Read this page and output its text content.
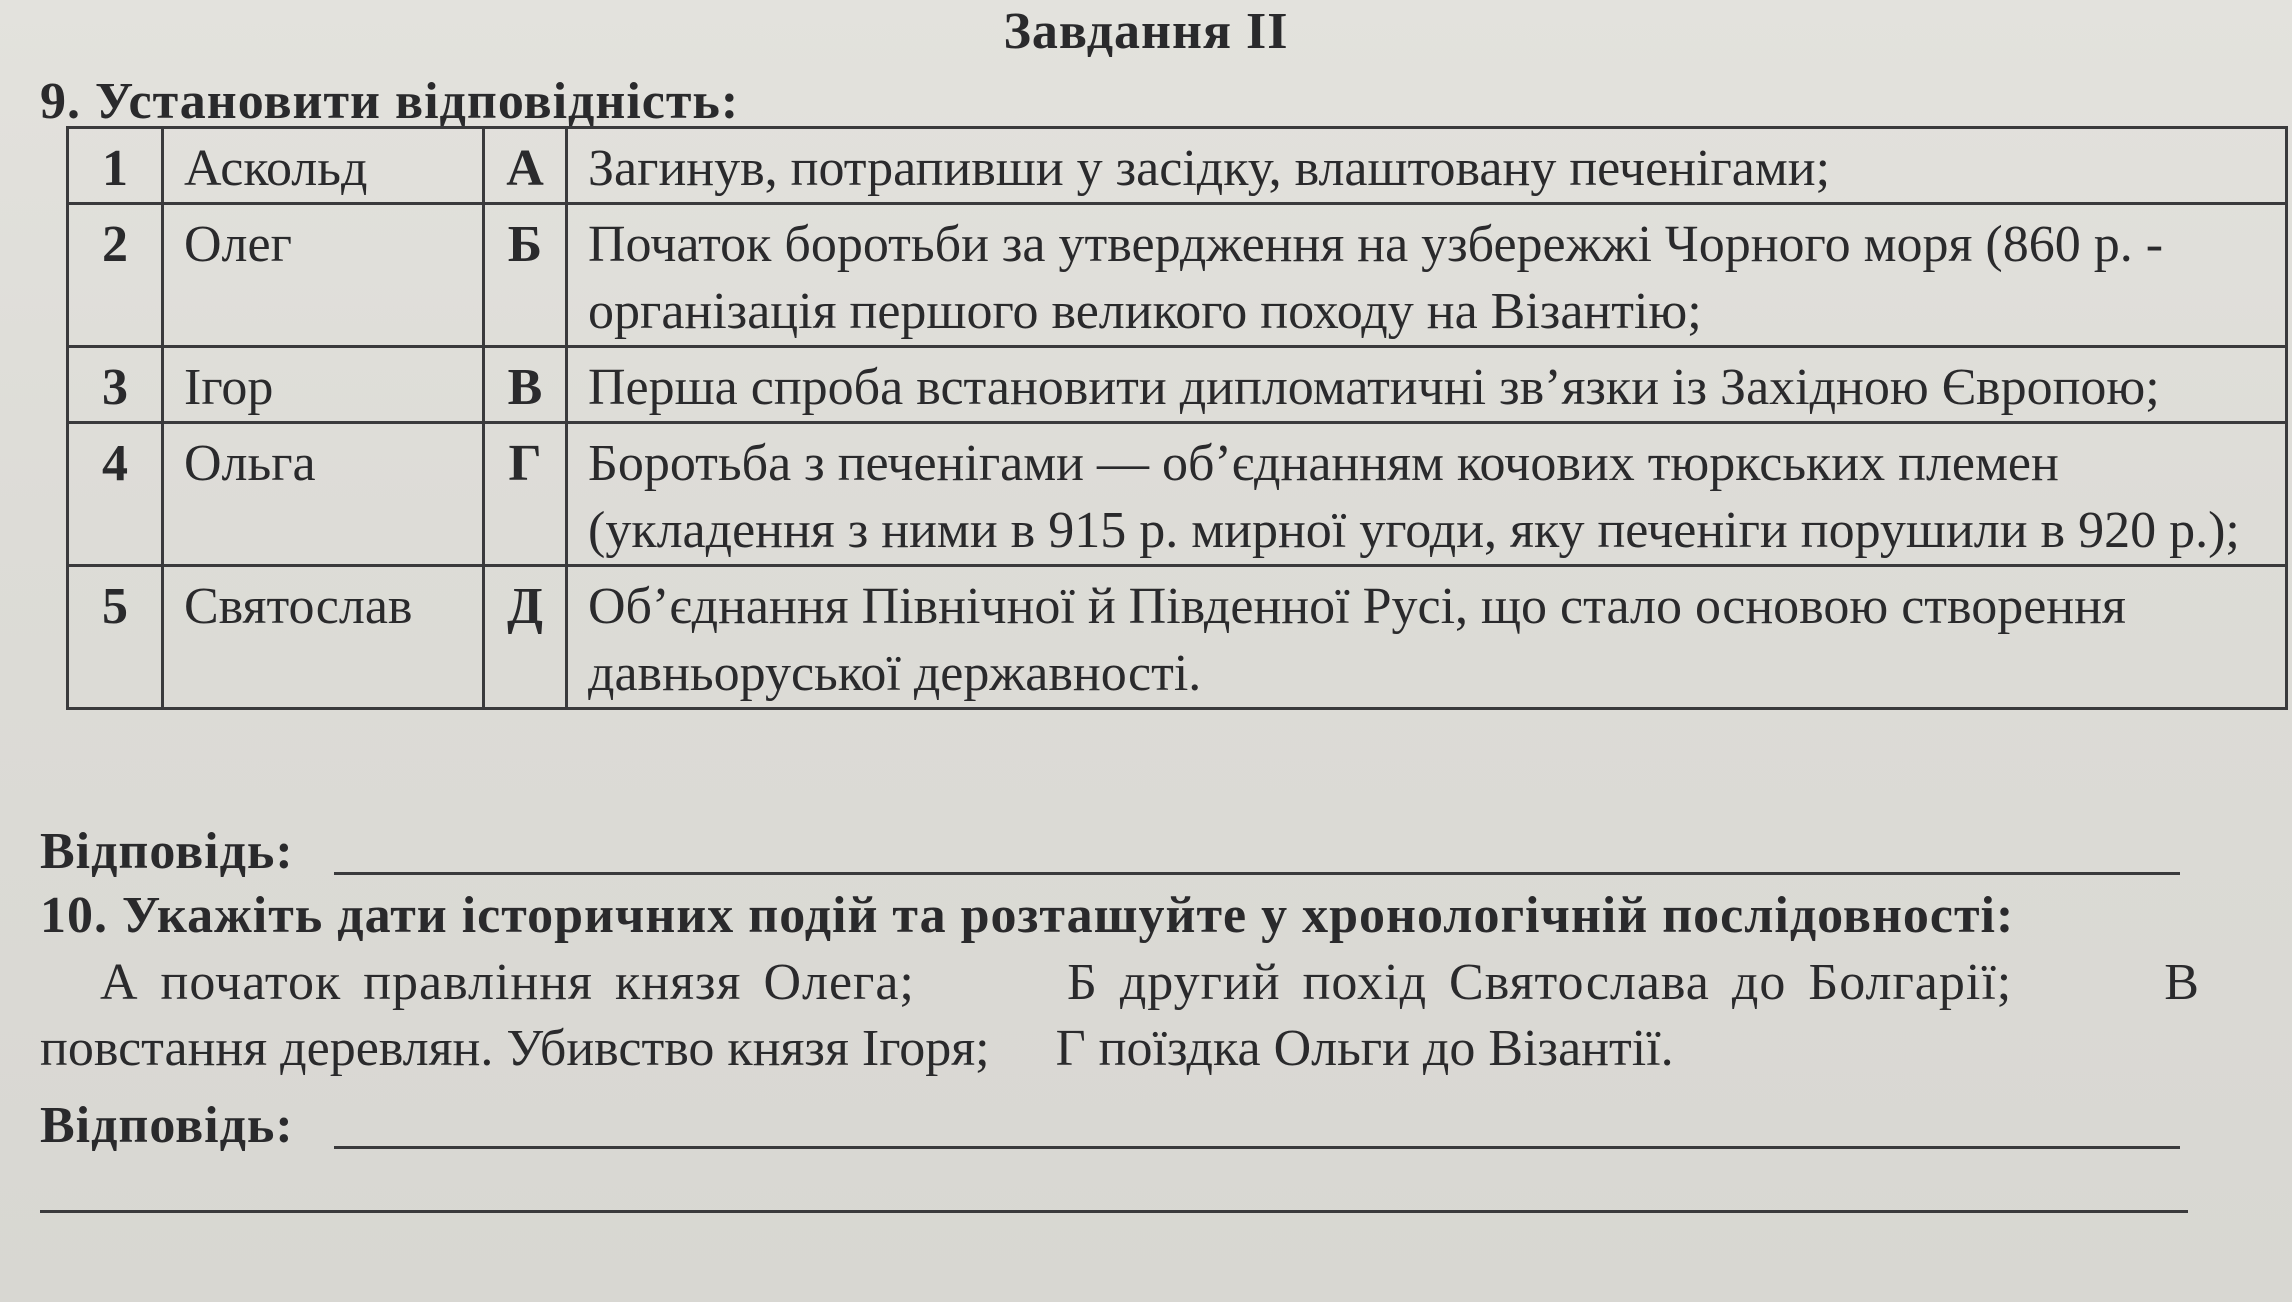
Завдання ІІ
9. Установити відповідність:
1	Аскольд	А	Загинув, потрапивши у засідку, влаштовану печенігами;
2	Олег	Б	Початок боротьби за утвердження на узбережжі Чорного моря (860 р. - організація першого великого походу на Візантію;
3	Ігор	В	Перша спроба встановити дипломатичні зв’язки із Західною Європою;
4	Ольга	Г	Боротьба з печенігами — об’єднанням кочових тюркських племен (укладення з ними в 915 р. мирної угоди, яку печеніги порушили в 920 р.);
5	Святослав	Д	Об’єднання Північної й Південної Русі, що стало основою створення давньоруської державності.
Відповідь:
10. Укажіть дати історичних подій та розташуйте у хронологічній послідовності:
А початок правління князя Олега;	Б другий похід Святослава до Болгарії;	В
повстання деревлян. Убивство князя Ігоря; Г поїздка Ольги до Візантії.
Відповідь:
